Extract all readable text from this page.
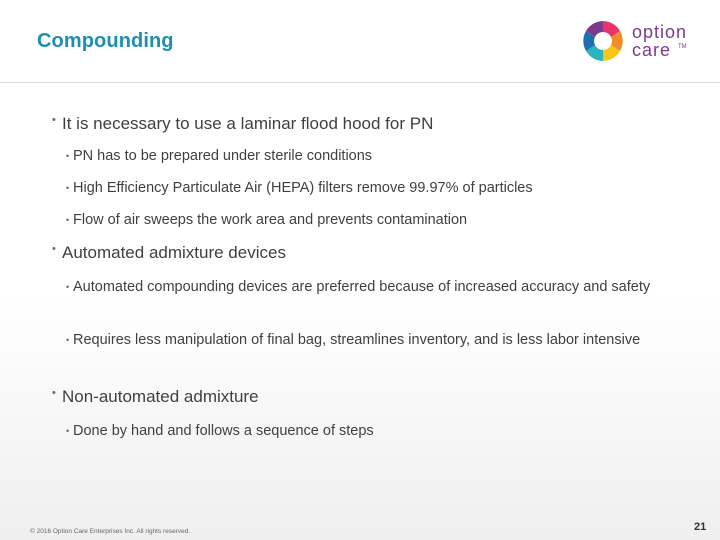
Compounding	option
care	TM
• It is necessary to use a laminar flood hood for PN
• PN has to be prepared under sterile conditions
• High Efficiency Particulate Air (HEPA) filters remove 99.97% of particles
• Flow of air sweeps the work area and prevents contamination
• Automated admixture devices
• Automated compounding devices are preferred because of increased accuracy and safety
• Requires less manipulation of final bag, streamlines inventory, and is less labor intensive
• Non-automated admixture
• Done by hand and follows a sequence of steps
© 2016 Option Care Enterprises Inc. All rights reserved.	21
